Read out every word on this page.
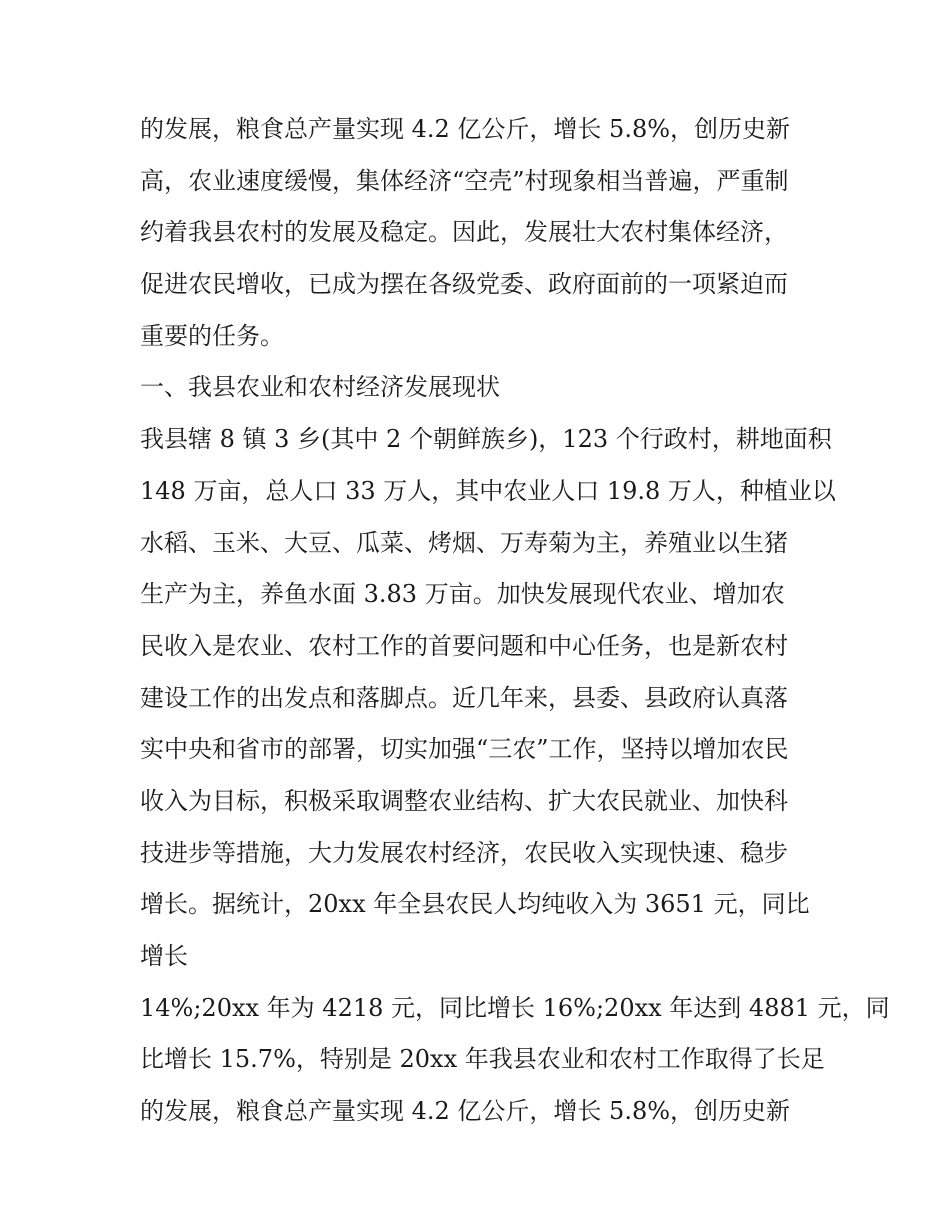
的发展，粮食总产量实现 4.2 亿公斤，增长 5.8%，创历史新
高，农业速度缓慢，集体经济“空壳”村现象相当普遍，严重制
约着我县农村的发展及稳定。因此，发展壮大农村集体经济，
促进农民增收，已成为摆在各级党委、政府面前的一项紧迫而
重要的任务。
一、我县农业和农村经济发展现状
我县辖 8 镇 3 乡(其中 2 个朝鲜族乡)，123 个行政村，耕地面积
148 万亩，总人口 33 万人，其中农业人口 19.8 万人，种植业以
水稻、玉米、大豆、瓜菜、烤烟、万寿菊为主，养殖业以生猪
生产为主，养鱼水面 3.83 万亩。加快发展现代农业、增加农
民收入是农业、农村工作的首要问题和中心任务，也是新农村
建设工作的出发点和落脚点。近几年来，县委、县政府认真落
实中央和省市的部署，切实加强“三农”工作，坚持以增加农民
收入为目标，积极采取调整农业结构、扩大农民就业、加快科
技进步等措施，大力发展农村经济，农民收入实现快速、稳步
增长。据统计，20xx 年全县农民人均纯收入为 3651 元，同比
增长
14%;20xx 年为 4218 元，同比增长 16%;20xx 年达到 4881 元，同
比增长 15.7%，特别是 20xx 年我县农业和农村工作取得了长足
的发展，粮食总产量实现 4.2 亿公斤，增长 5.8%，创历史新
